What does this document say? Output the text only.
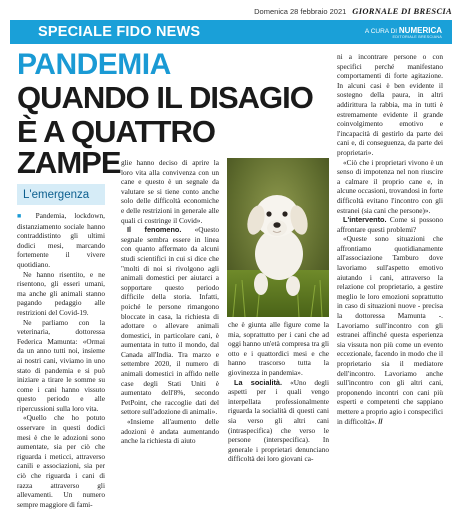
Domenica 28 febbraio 2021 GIORNALE DI BRESCIA
SPECIALE FIDO NEWS	A CURA DI NUMERICA
EDITORIALE BRESCIANA
PANDEMIA
QUANDO IL DISAGIO
È A QUATTRO ZAMPE
L'emergenza

■ Pandemia, lockdown, distanziamento sociale hanno contraddistinto gli ultimi dodici mesi, marcando fortemente il vivere quotidiano.

Ne hanno risentito, e ne risentono, gli esseri umani, ma anche gli animali stanno pagando pedaggio alle restrizioni del Covid-19.

Ne parliamo con la veterinaria, dottoressa Federica Mamunta: «Ormai da un anno tutti noi, insieme ai nostri cani, viviamo in uno stato di pandemia e si può iniziare a tirare le somme su come i cani hanno vissuto questo periodo e alle ripercussioni sulla loro vita.

«Quello che ho potuto osservare in questi dodici mesi è che le adozioni sono aumentate, sia per ciò che riguarda i meticci, attraverso canili e associazioni, sia per ciò che riguarda i cani di razza attraverso gli allevamenti. Un numero sempre maggiore di fami-

glie hanno deciso di aprire la loro vita alla convivenza con un cane e questo è un segnale da valutare se si tiene conto anche solo delle difficoltà economiche e delle restrizioni in generale alle quali ci costringe il Covid».

Il fenomeno. «Questo segnale sembra essere in linea con quanto affermato da alcuni studi scientifici in cui si dice che "molti di noi si rivolgono agli animali domestici per aiutarci a sopportare questo periodo difficile della storia. Infatti, poiché le persone rimangono bloccate in casa, la richiesta di adottare o allevare animali domestici, in particolare cani, è aumentata in tutto il mondo, dal Canada all'India. Tra marzo e settembre 2020, il numero di animali domestici in affido nelle case degli Stati Uniti è aumentato dell'8%, secondo PetPoint, che raccoglie dati del settore sull'adozione di animali».

«Insieme all'aumento delle adozioni è andata aumentando anche la richiesta di aiuto

che è giunta alle figure come la mia, soprattutto per i cani che ad oggi hanno un'età compresa tra gli otto e i quattordici mesi e che hanno trascorso tutta la giovinezza in pandemia».

La socialità. «Uno degli aspetti per i quali vengo interpellata professionalmente riguarda la socialità di questi cani sia verso gli altri cani (intraspecifica) che verso le persone (interspecifica). In generale i proprietari denunciano difficoltà dei loro giovani ca-

ni a incontrare persone o con specifici perché manifestano comportamenti di forte agitazione. In alcuni casi è ben evidente il sostegno della paura, in altri addirittura la rabbia, ma in tutti è estremamente evidente il grande coinvolgimento emotivo e l'incapacità di gestirlo da parte dei cani e, di conseguenza, da parte dei proprietari».

«Ciò che i proprietari vivono è un senso di impotenza nel non riuscire a calmare il proprio cane e, in alcune occasioni, trovandosi in forte difficoltà evitano l'incontro con gli estranei (sia cani che persone)».

L'intervento. Come si possono affrontare questi problemi?

«Queste sono situazioni che affrontiamo quotidianamente all'associazione Tamburo dove lavoriamo sull'aspetto emotivo aiutando i cani, attraverso la relazione col proprietario, a gestire meglio le loro emozioni soprattutto in caso di situazioni nuove - precisa la dottoressa Mamunta -. Lavoriamo sull'incontro con gli estranei affinché questa esperienza sia vissuta non più come un evento eccezionale, facendo in modo che il proprietario sia il mediatore dell'incontro. Lavoriamo anche sull'incontro con gli altri cani, proponendo incontri con cani più esperti e competenti che sappiano mettere a proprio agio i conspecifici in difficoltà». //
